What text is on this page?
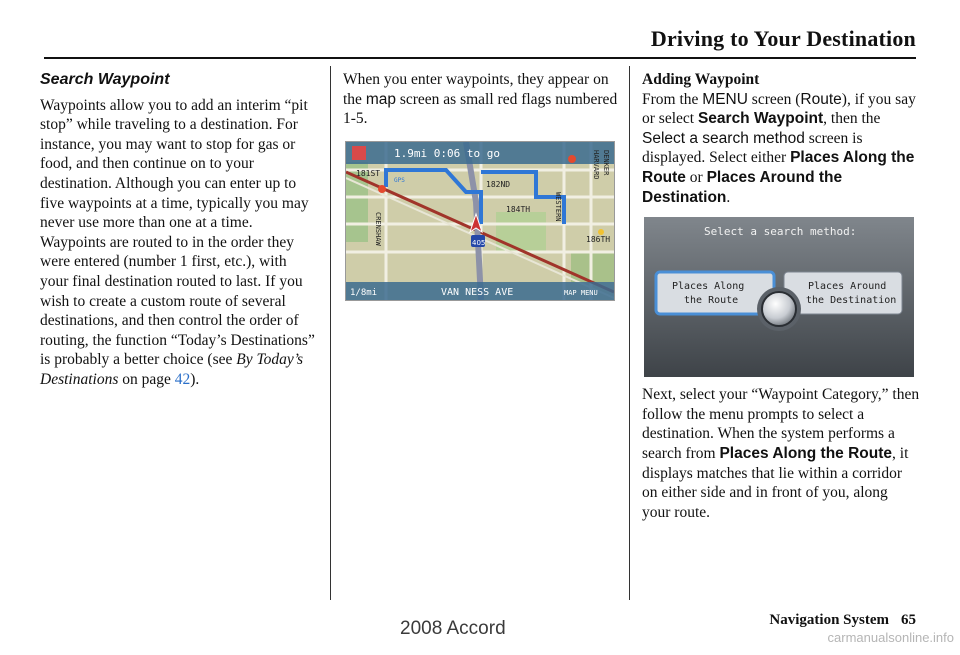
Driving to Your Destination
Search Waypoint

Waypoints allow you to add an interim “pit stop” while traveling to a destination. For instance, you may want to stop for gas or food, and then continue on to your destination. Although you can enter up to five waypoints at a time, typically you may never use more than one at a time. Waypoints are routed to in the order they were entered (number 1 first, etc.), with your final destination routed to last. If you wish to create a custom route of several destinations, and then control the order of routing, the function “Today’s Destinations” is probably a better choice (see By Today’s Destinations on page 42).

When you enter waypoints, they appear on the map screen as small red flags numbered 1-5.

1.9mi 0:06 to go
405
181ST
182ND
184TH
186TH
HARVARD DENKER
WESTERN
CRENSHAW
1/8mi	VAN NESS AVE	MAP MENU
GPS

Adding Waypoint

From the MENU screen (Route), if you say or select Search Waypoint, then the Select a search method screen is displayed. Select either Places Along the Route or Places Around the Destination.

Select a search method:
Places Along
the Route
Places Around
the Destination

Next, select your “Waypoint Category,” then follow the menu prompts to select a destination. When the system performs a search from Places Along the Route, it displays matches that lie within a corridor on either side and in front of you, along your route.

Navigation System 65
2008 Accord	carmanualsonline.info
